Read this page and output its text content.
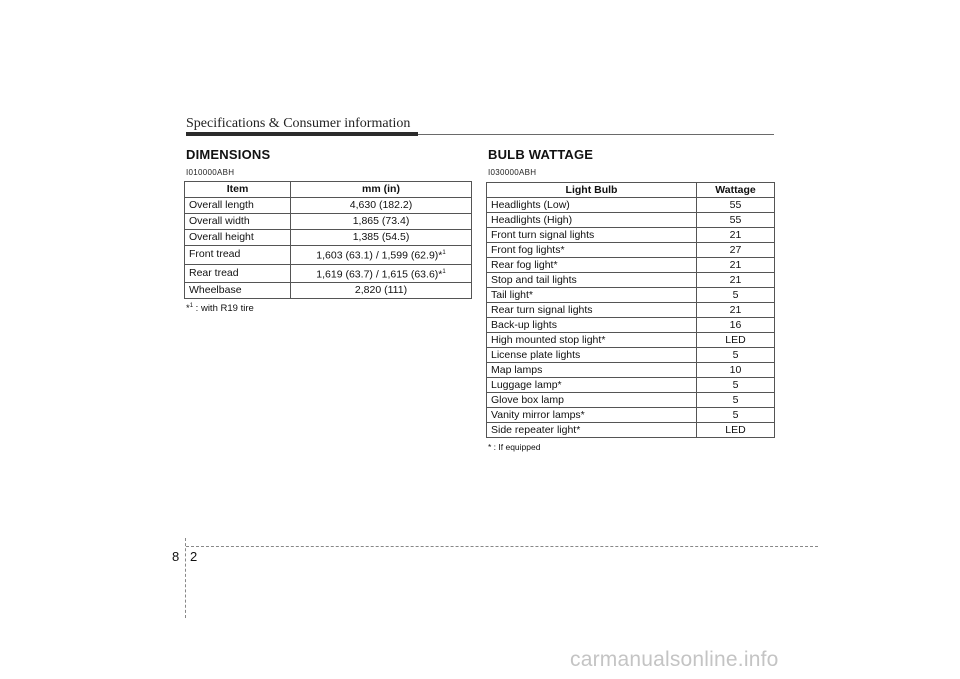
Specifications & Consumer information
DIMENSIONS
I010000ABH
Item	mm (in)
Overall length	4,630 (182.2)
Overall width	1,865 (73.4)
Overall height	1,385 (54.5)
Front tread	1,603 (63.1) / 1,599 (62.9)*$^1$
Rear tread	1,619 (63.7) / 1,615 (63.6)*$^1$
Wheelbase	2,820 (111)
*$^1$ : with R19 tire
BULB WATTAGE
I030000ABH
Light Bulb	Wattage
Headlights (Low)	55
Headlights (High)	55
Front turn signal lights	21
Front fog lights*	27
Rear fog light*	21
Stop and tail lights	21
Tail light*	5
Rear turn signal lights	21
Back-up lights	16
High mounted stop light*	LED
License plate lights	5
Map lamps	10
Luggage lamp*	5
Glove box lamp	5
Vanity mirror lamps*	5
Side repeater light*	LED
* : If equipped
8 2
carmanualsonline.info
